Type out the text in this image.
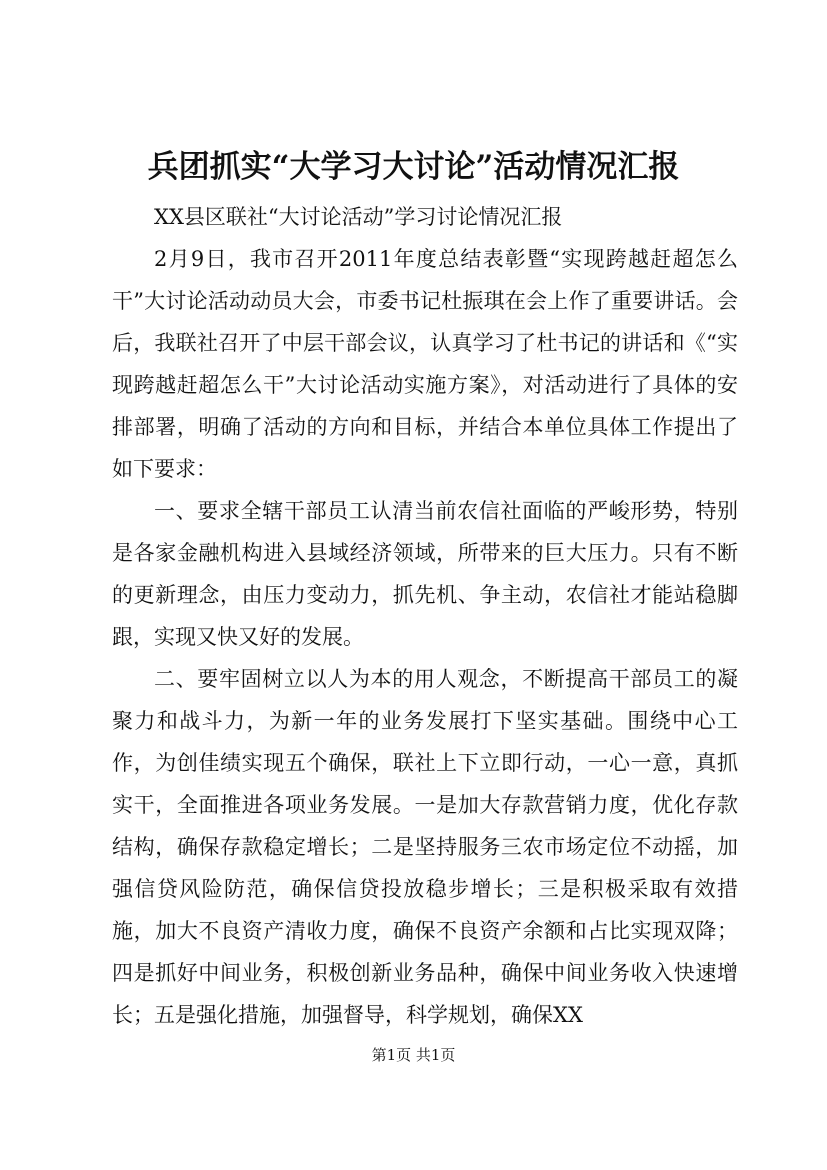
兵团抓实“大学习大讨论”活动情况汇报

XX县区联社“大讨论活动”学习讨论情况汇报

2月9日，我市召开2011年度总结表彰暨“实现跨越赶超怎么干”大讨论活动动员大会，市委书记杜振琪在会上作了重要讲话。会后，我联社召开了中层干部会议，认真学习了杜书记的讲话和《“实现跨越赶超怎么干”大讨论活动实施方案》，对活动进行了具体的安排部署，明确了活动的方向和目标，并结合本单位具体工作提出了如下要求：

一、要求全辖干部员工认清当前农信社面临的严峻形势，特别是各家金融机构进入县域经济领域，所带来的巨大压力。只有不断的更新理念，由压力变动力，抓先机、争主动，农信社才能站稳脚跟，实现又快又好的发展。

二、要牢固树立以人为本的用人观念，不断提高干部员工的凝聚力和战斗力，为新一年的业务发展打下坚实基础。围绕中心工作，为创佳绩实现五个确保，联社上下立即行动，一心一意，真抓实干，全面推进各项业务发展。一是加大存款营销力度，优化存款结构，确保存款稳定增长；二是坚持服务三农市场定位不动摇，加强信贷风险防范，确保信贷投放稳步增长；三是积极采取有效措施，加大不良资产清收力度，确保不良资产余额和占比实现双降；四是抓好中间业务，积极创新业务品种，确保中间业务收入快速增长；五是强化措施，加强督导，科学规划，确保XX

第1页 共1页
